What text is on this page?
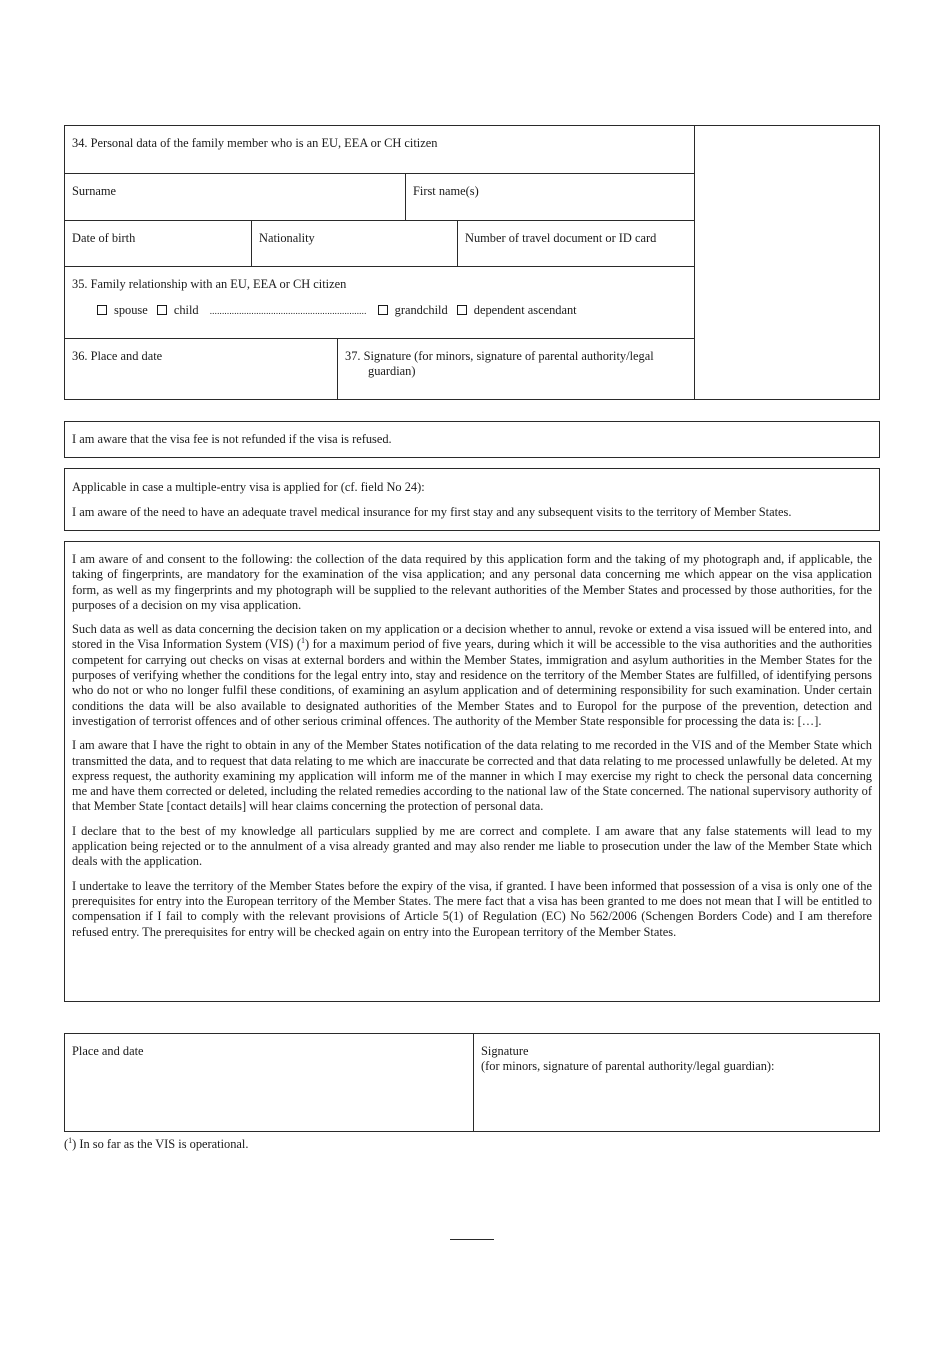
34. Personal data of the family member who is an EU, EEA or CH citizen
Surname	First name(s)
Date of birth	Nationality	Number of travel document or ID card
35. Family relationship with an EU, EEA or CH citizen
spouse child ................................................................ grandchild dependent ascendant
36. Place and date	37. Signature (for minors, signature of parental authority/legal
guardian)
I am aware that the visa fee is not refunded if the visa is refused.
Applicable in case a multiple-entry visa is applied for (cf. field No 24):
I am aware of the need to have an adequate travel medical insurance for my first stay and any subsequent visits to the territory of Member States.

I am aware of and consent to the following: the collection of the data required by this application form and the taking of my photograph and, if applicable, the taking of fingerprints, are mandatory for the examination of the visa application; and any personal data concerning me which appear on the visa application form, as well as my fingerprints and my photograph will be supplied to the relevant authorities of the Member States and processed by those authorities, for the purposes of a decision on my visa application.

Such data as well as data concerning the decision taken on my application or a decision whether to annul, revoke or extend a visa issued will be entered into, and stored in the Visa Information System (VIS) ($^1$) for a maximum period of five years, during which it will be accessible to the visa authorities and the authorities competent for carrying out checks on visas at external borders and within the Member States, immigration and asylum authorities in the Member States for the purposes of verifying whether the conditions for the legal entry into, stay and residence on the territory of the Member States are fulfilled, of identifying persons who do not or who no longer fulfil these conditions, of examining an asylum application and of determining responsibility for such examination. Under certain conditions the data will be also available to designated authorities of the Member States and to Europol for the purpose of the prevention, detection and investigation of terrorist offences and of other serious criminal offences. The authority of the Member State responsible for processing the data is: […].

I am aware that I have the right to obtain in any of the Member States notification of the data relating to me recorded in the VIS and of the Member State which transmitted the data, and to request that data relating to me which are inaccurate be corrected and that data relating to me processed unlawfully be deleted. At my express request, the authority examining my application will inform me of the manner in which I may exercise my right to check the personal data concerning me and have them corrected or deleted, including the related remedies according to the national law of the State concerned. The national supervisory authority of that Member State [contact details] will hear claims concerning the protection of personal data.

I declare that to the best of my knowledge all particulars supplied by me are correct and complete. I am aware that any false statements will lead to my application being rejected or to the annulment of a visa already granted and may also render me liable to prosecution under the law of the Member State which deals with the application.

I undertake to leave the territory of the Member States before the expiry of the visa, if granted. I have been informed that possession of a visa is only one of the prerequisites for entry into the European territory of the Member States. The mere fact that a visa has been granted to me does not mean that I will be entitled to compensation if I fail to comply with the relevant provisions of Article 5(1) of Regulation (EC) No 562/2006 (Schengen Borders Code) and I am therefore refused entry. The prerequisites for entry will be checked again on entry into the European territory of the Member States.

Place and date	Signature
(for minors, signature of parental authority/legal guardian):
($^1$) In so far as the VIS is operational.
